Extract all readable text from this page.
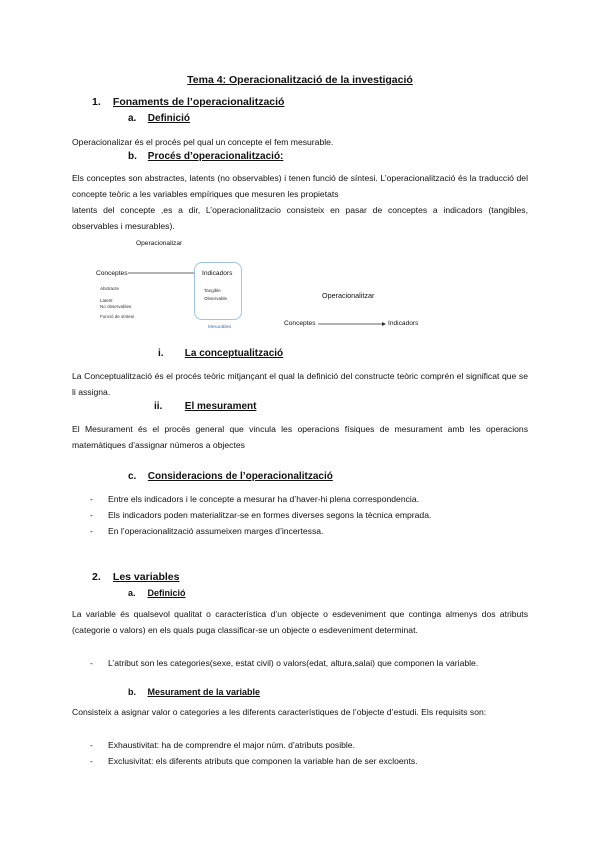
Tema 4: Operacionalització de la investigació
1. Fonaments de l’operacionalització
a. Definició
Operacionalizar és el procés pel qual un concepte el fem mesurable.
b. Procés d’operacionalització:
Els conceptes son abstractes, latents (no observables) i tenen funció de síntesi. L’operacionalització és la traducció del concepte teòric a les variables empíriques que mesuren les propietats
latents del concepte ,es a dir, L’operacionalitzacio consisteix en pasar de conceptes a indicadors (tangibles, observables i mesurables).
Operacionalizar
Conceptes	Indicadors
Abstracte
Latent
No observables
Funció de síntesi
Tangible
Observable
Mesurables
Operacionalitzar
Conceptes	Indicadors
i. La conceptualització
La Conceptualització és el procés teòric mitjançant el qual la definició del constructe teòric comprén el significat que se li assigna.
ii. El mesurament
El Mesurament és el procés general que vincula les operacions físiques de mesurament amb les operacions matemàtiques d’assignar números a objectes
c. Consideracions de l’operacionalització
- Entre els indicadors i le concepte a mesurar ha d’haver-hi plena correspondencia.
- Els indicadors poden materialitzar-se en formes diverses segons la tècnica emprada.
- En l’operacionalització assumeixen marges d’incertessa.
2. Les variables
a. Definició
La variable és qualsevol qualitat o característica d’un objecte o esdeveniment que continga almenys dos atributs (categorie o valors) en els quals puga classificar-se un objecte o esdeveniment determinat.
- L’atribut son les categories(sexe, estat civil) o valors(edat, altura,salai) que componen la variable.
b. Mesurament de la variable
Consisteix a asignar valor o categories a les diferents característiques de l’objecte d’estudi. Els requisits son:
- Exhaustivitat: ha de comprendre el major núm. d’atributs posible.
- Exclusivitat: els diferents atributs que componen la variable han de ser excloents.
